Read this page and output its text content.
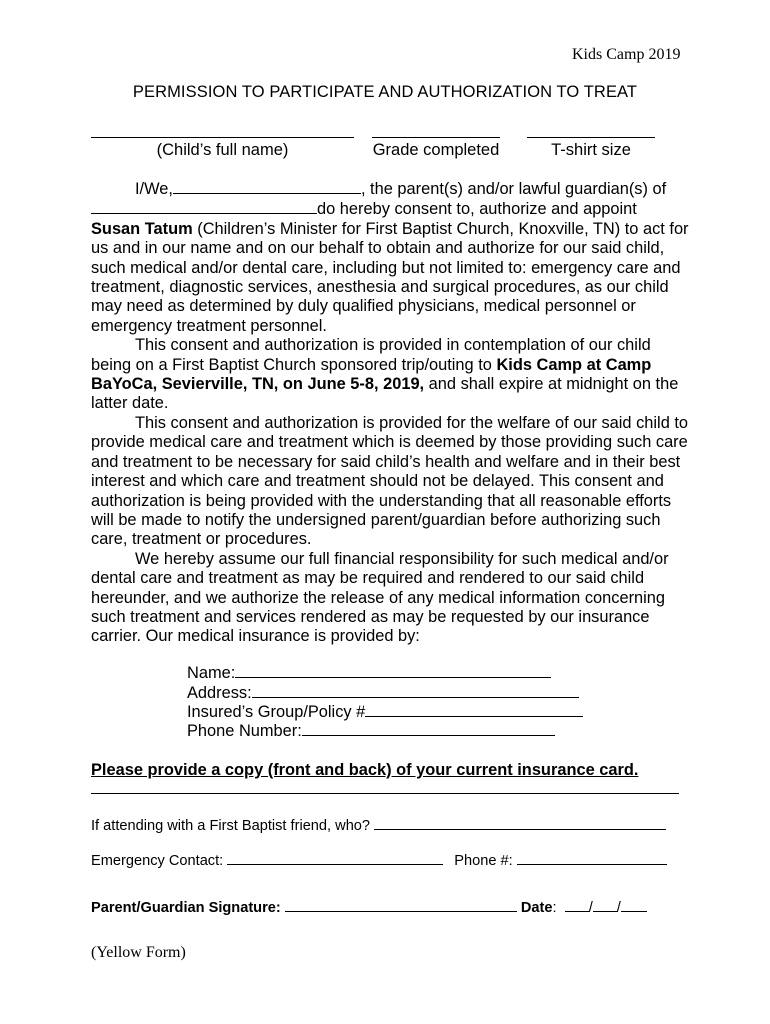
Kids Camp 2019
PERMISSION TO PARTICIPATE AND AUTHORIZATION TO TREAT
(Child’s full name)	Grade completed	T-shirt size

I/We,	, the parent(s) and/or lawful guardian(s) of

do hereby consent to, authorize and appoint

Susan Tatum (Children’s Minister for First Baptist Church, Knoxville, TN) to act for us and in our name and on our behalf to obtain and authorize for our said child, such medical and/or dental care, including but not limited to: emergency care and treatment, diagnostic services, anesthesia and surgical procedures, as our child may need as determined by duly qualified physicians, medical personnel or emergency treatment personnel.

This consent and authorization is provided in contemplation of our child being on a First Baptist Church sponsored trip/outing to Kids Camp at Camp BaYoCa, Sevierville, TN, on June 5-8, 2019, and shall expire at midnight on the latter date.

This consent and authorization is provided for the welfare of our said child to provide medical care and treatment which is deemed by those providing such care and treatment to be necessary for said child’s health and welfare and in their best interest and which care and treatment should not be delayed. This consent and authorization is being provided with the understanding that all reasonable efforts will be made to notify the undersigned parent/guardian before authorizing such care, treatment or procedures.

We hereby assume our full financial responsibility for such medical and/or dental care and treatment as may be required and rendered to our said child hereunder, and we authorize the release of any medical information concerning such treatment and services rendered as may be requested by our insurance carrier. Our medical insurance is provided by:

Name:
Address:
Insured’s Group/Policy #
Phone Number:
Please provide a copy (front and back) of your current insurance card.
If attending with a First Baptist friend, who?
Emergency Contact:	Phone #:
Parent/Guardian Signature:	Date: / /
(Yellow Form)
